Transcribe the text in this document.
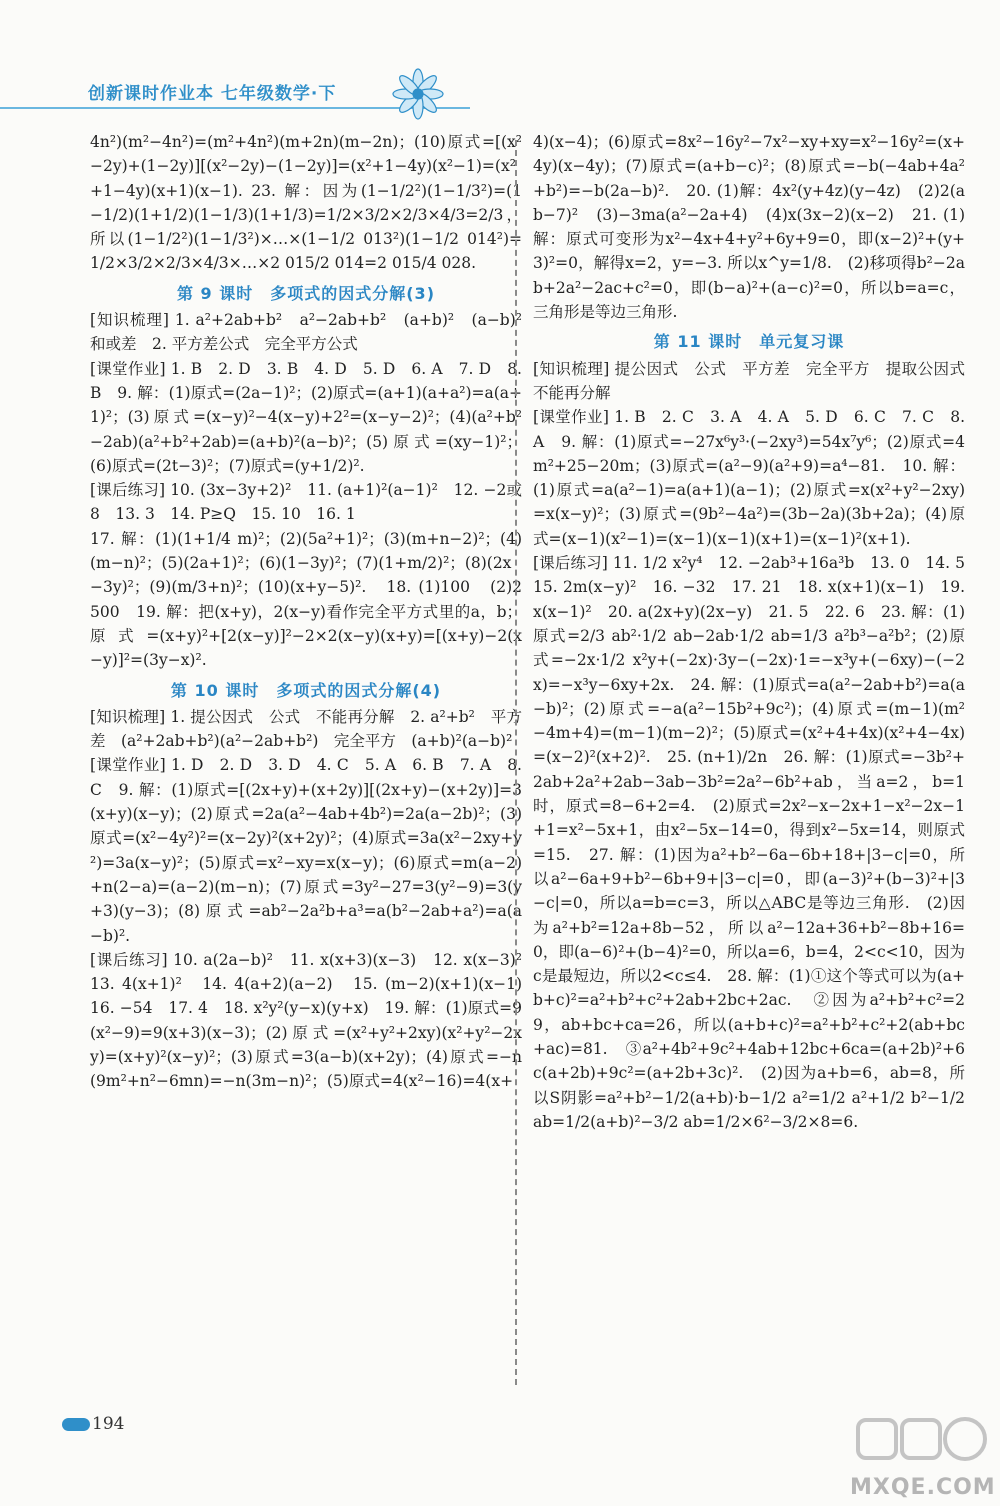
创新课时作业本 七年级数学·下
4n²)(m²−4n²)=(m²+4n²)(m+2n)(m−2n)；(10)原式=[(x²−2y)+(1−2y)][(x²−2y)−(1−2y)]=(x²+1−4y)(x²−1)=(x²+1−4y)(x+1)(x−1). 23. 解：因为(1−1/2²)(1−1/3²)=(1−1/2)(1+1/2)(1−1/3)(1+1/3)=1/2×3/2×2/3×4/3=2/3，所以(1−1/2²)(1−1/3²)×…×(1−1/2 013²)(1−1/2 014²)=1/2×3/2×2/3×4/3×…×2 015/2 014=2 015/4 028.
第 9 课时　多项式的因式分解(3)
[知识梳理] 1. a²+2ab+b²　a²−2ab+b²　(a+b)²　(a−b)²　和或差　2. 平方差公式　完全平方公式
[课堂作业] 1. B　2. D　3. B　4. D　5. D　6. A　7. D　8. B　9. 解：(1)原式=(2a−1)²；(2)原式=(a+1)(a+a²)=a(a+1)²；(3)原式=(x−y)²−4(x−y)+2²=(x−y−2)²；(4)(a²+b²−2ab)(a²+b²+2ab)=(a+b)²(a−b)²；(5)原式=(xy−1)²；(6)原式=(2t−3)²；(7)原式=(y+1/2)².
[课后练习] 10. (3x−3y+2)²　11. (a+1)²(a−1)²　12. −2或8　13. 3　14. P≥Q　15. 10　16. 1
17. 解：(1)(1+1/4 m)²；(2)(5a²+1)²；(3)(m+n−2)²；(4)(m−n)²；(5)(2a+1)²；(6)(1−3y)²；(7)(1+m/2)²；(8)(2x−3y)²；(9)(m/3+n)²；(10)(x+y−5)².　18. (1)100　(2)2 500　19. 解：把(x+y)，2(x−y)看作完全平方式里的a，b；原式=(x+y)²+[2(x−y)]²−2×2(x−y)(x+y)=[(x+y)−2(x−y)]²=(3y−x)².
第 10 课时　多项式的因式分解(4)
[知识梳理] 1. 提公因式　公式　不能再分解　2. a²+b²　平方差　(a²+2ab+b²)(a²−2ab+b²)　完全平方　(a+b)²(a−b)²
[课堂作业] 1. D　2. D　3. D　4. C　5. A　6. B　7. A　8. C　9. 解：(1)原式=[(2x+y)+(x+2y)][(2x+y)−(x+2y)]=3(x+y)(x−y)；(2)原式=2a(a²−4ab+4b²)=2a(a−2b)²；(3)原式=(x²−4y²)²=(x−2y)²(x+2y)²；(4)原式=3a(x²−2xy+y²)=3a(x−y)²；(5)原式=x²−xy=x(x−y)；(6)原式=m(a−2)+n(2−a)=(a−2)(m−n)；(7)原式=3y²−27=3(y²−9)=3(y+3)(y−3)；(8)原式=ab²−2a²b+a³=a(b²−2ab+a²)=a(a−b)².
[课后练习] 10. a(2a−b)²　11. x(x+3)(x−3)　12. x(x−3)²　13. 4(x+1)²　14. 4(a+2)(a−2)　15. (m−2)(x+1)(x−1)　16. −54　17. 4　18. x²y²(y−x)(y+x)　19. 解：(1)原式=9(x²−9)=9(x+3)(x−3)；(2)原式=(x²+y²+2xy)(x²+y²−2xy)=(x+y)²(x−y)²；(3)原式=3(a−b)(x+2y)；(4)原式=−n(9m²+n²−6mn)=−n(3m−n)²；(5)原式=4(x²−16)=4(x+
4)(x−4)；(6)原式=8x²−16y²−7x²−xy+xy=x²−16y²=(x+4y)(x−4y)；(7)原式=(a+b−c)²；(8)原式=−b(−4ab+4a²+b²)=−b(2a−b)².　20. (1)解：4x²(y+4z)(y−4z)　(2)2(ab−7)²　(3)−3ma(a²−2a+4)　(4)x(3x−2)(x−2)　21. (1)解：原式可变形为x²−4x+4+y²+6y+9=0，即(x−2)²+(y+3)²=0，解得x=2，y=−3. 所以x^y=1/8.　(2)移项得b²−2ab+2a²−2ac+c²=0，即(b−a)²+(a−c)²=0，所以b=a=c，三角形是等边三角形.
第 11 课时　单元复习课
[知识梳理] 提公因式　公式　平方差　完全平方　提取公因式　不能再分解
[课堂作业] 1. B　2. C　3. A　4. A　5. D　6. C　7. C　8. A　9. 解：(1)原式=−27x⁶y³·(−2xy³)=54x⁷y⁶；(2)原式=4m²+25−20m；(3)原式=(a²−9)(a²+9)=a⁴−81.　10. 解：(1)原式=a(a²−1)=a(a+1)(a−1)；(2)原式=x(x²+y²−2xy)=x(x−y)²；(3)原式=(9b²−4a²)=(3b−2a)(3b+2a)；(4)原式=(x−1)(x²−1)=(x−1)(x−1)(x+1)=(x−1)²(x+1).
[课后练习] 11. 1/2 x²y⁴　12. −2ab³+16a³b　13. 0　14. 5　15. 2m(x−y)²　16. −32　17. 21　18. x(x+1)(x−1)　19. x(x−1)²　20. a(2x+y)(2x−y)　21. 5　22. 6　23. 解：(1)原式=2/3 ab²·1/2 ab−2ab·1/2 ab=1/3 a²b³−a²b²；(2)原式=−2x·1/2 x²y+(−2x)·3y−(−2x)·1=−x³y+(−6xy)−(−2x)=−x³y−6xy+2x.　24. 解：(1)原式=a(a²−2ab+b²)=a(a−b)²；(2)原式=−a(a²−15b²+9c²)；(4)原式=(m−1)(m²−4m+4)=(m−1)(m−2)²；(5)原式=(x²+4+4x)(x²+4−4x)=(x−2)²(x+2)².　25. (n+1)/2n　26. 解：(1)原式=−3b²+2ab+2a²+2ab−3ab−3b²=2a²−6b²+ab，当a=2，b=1时，原式=8−6+2=4.　(2)原式=2x²−x−2x+1−x²−2x−1+1=x²−5x+1，由x²−5x−14=0，得到x²−5x=14，则原式=15.　27. 解：(1)因为a²+b²−6a−6b+18+|3−c|=0，所以a²−6a+9+b²−6b+9+|3−c|=0，即(a−3)²+(b−3)²+|3−c|=0，所以a=b=c=3，所以△ABC是等边三角形.　(2)因为a²+b²=12a+8b−52，所以a²−12a+36+b²−8b+16=0，即(a−6)²+(b−4)²=0，所以a=6，b=4，2<c<10，因为c是最短边，所以2<c≤4.　28. 解：(1)①这个等式可以为(a+b+c)²=a²+b²+c²+2ab+2bc+2ac.　②因为a²+b²+c²=29，ab+bc+ca=26，所以(a+b+c)²=a²+b²+c²+2(ab+bc+ac)=81.　③a²+4b²+9c²+4ab+12bc+6ca=(a+2b)²+6c(a+2b)+9c²=(a+2b+3c)².　(2)因为a+b=6，ab=8，所以S阴影=a²+b²−1/2(a+b)·b−1/2 a²=1/2 a²+1/2 b²−1/2 ab=1/2(a+b)²−3/2 ab=1/2×6²−3/2×8=6.
194
MXQE.COM
